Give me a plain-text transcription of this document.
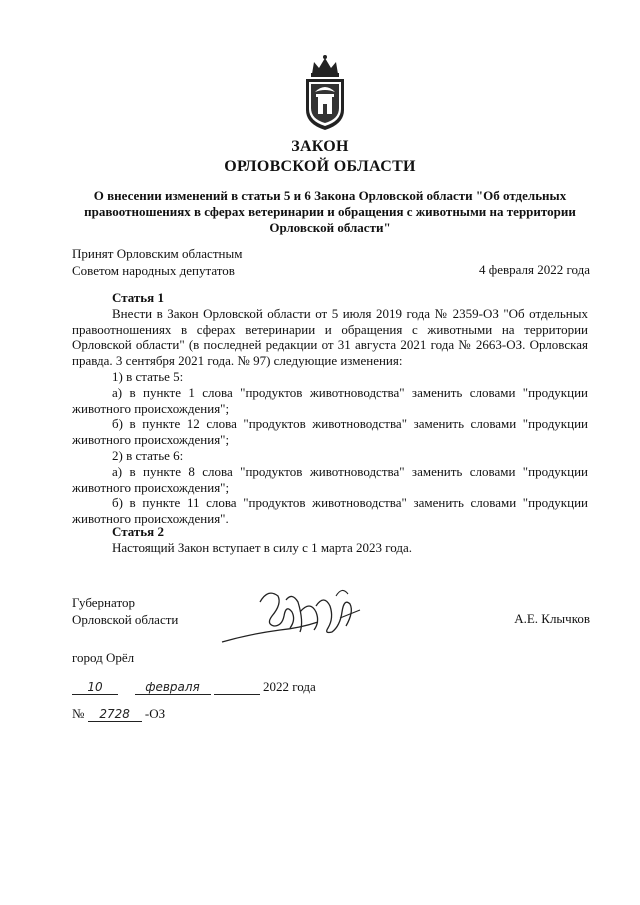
ЗАКОН
ОРЛОВСКОЙ ОБЛАСТИ
О внесении изменений в статьи 5 и 6 Закона Орловской области "Об отдельных правоотношениях в сферах ветеринарии и обращения с животными на территории Орловской области"
Принят Орловским областным
Советом народных депутатов	4 февраля 2022 года

Статья 1

Внести в Закон Орловской области от 5 июля 2019 года № 2359-ОЗ "Об отдельных правоотношениях в сферах ветеринарии и обращения с животными на территории Орловской области" (в последней редакции от 31 августа 2021 года № 2663-ОЗ. Орловская правда. 3 сентября 2021 года. № 97) следующие изменения:

1) в статье 5:

а) в пункте 1 слова "продуктов животноводства" заменить словами "продукции животного происхождения";

б) в пункте 12 слова "продуктов животноводства" заменить словами "продукции животного происхождения";

2) в статье 6:

а) в пункте 8 слова "продуктов животноводства" заменить словами "продукции животного происхождения";

б) в пункте 11 слова "продуктов животноводства" заменить словами "продукции животного происхождения".

Статья 2

Настоящий Закон вступает в силу с 1 марта 2023 года.

Губернатор
Орловской области	А.Е. Клычков
город Орёл
10	февраля	2022 года
№ 2728 -ОЗ
